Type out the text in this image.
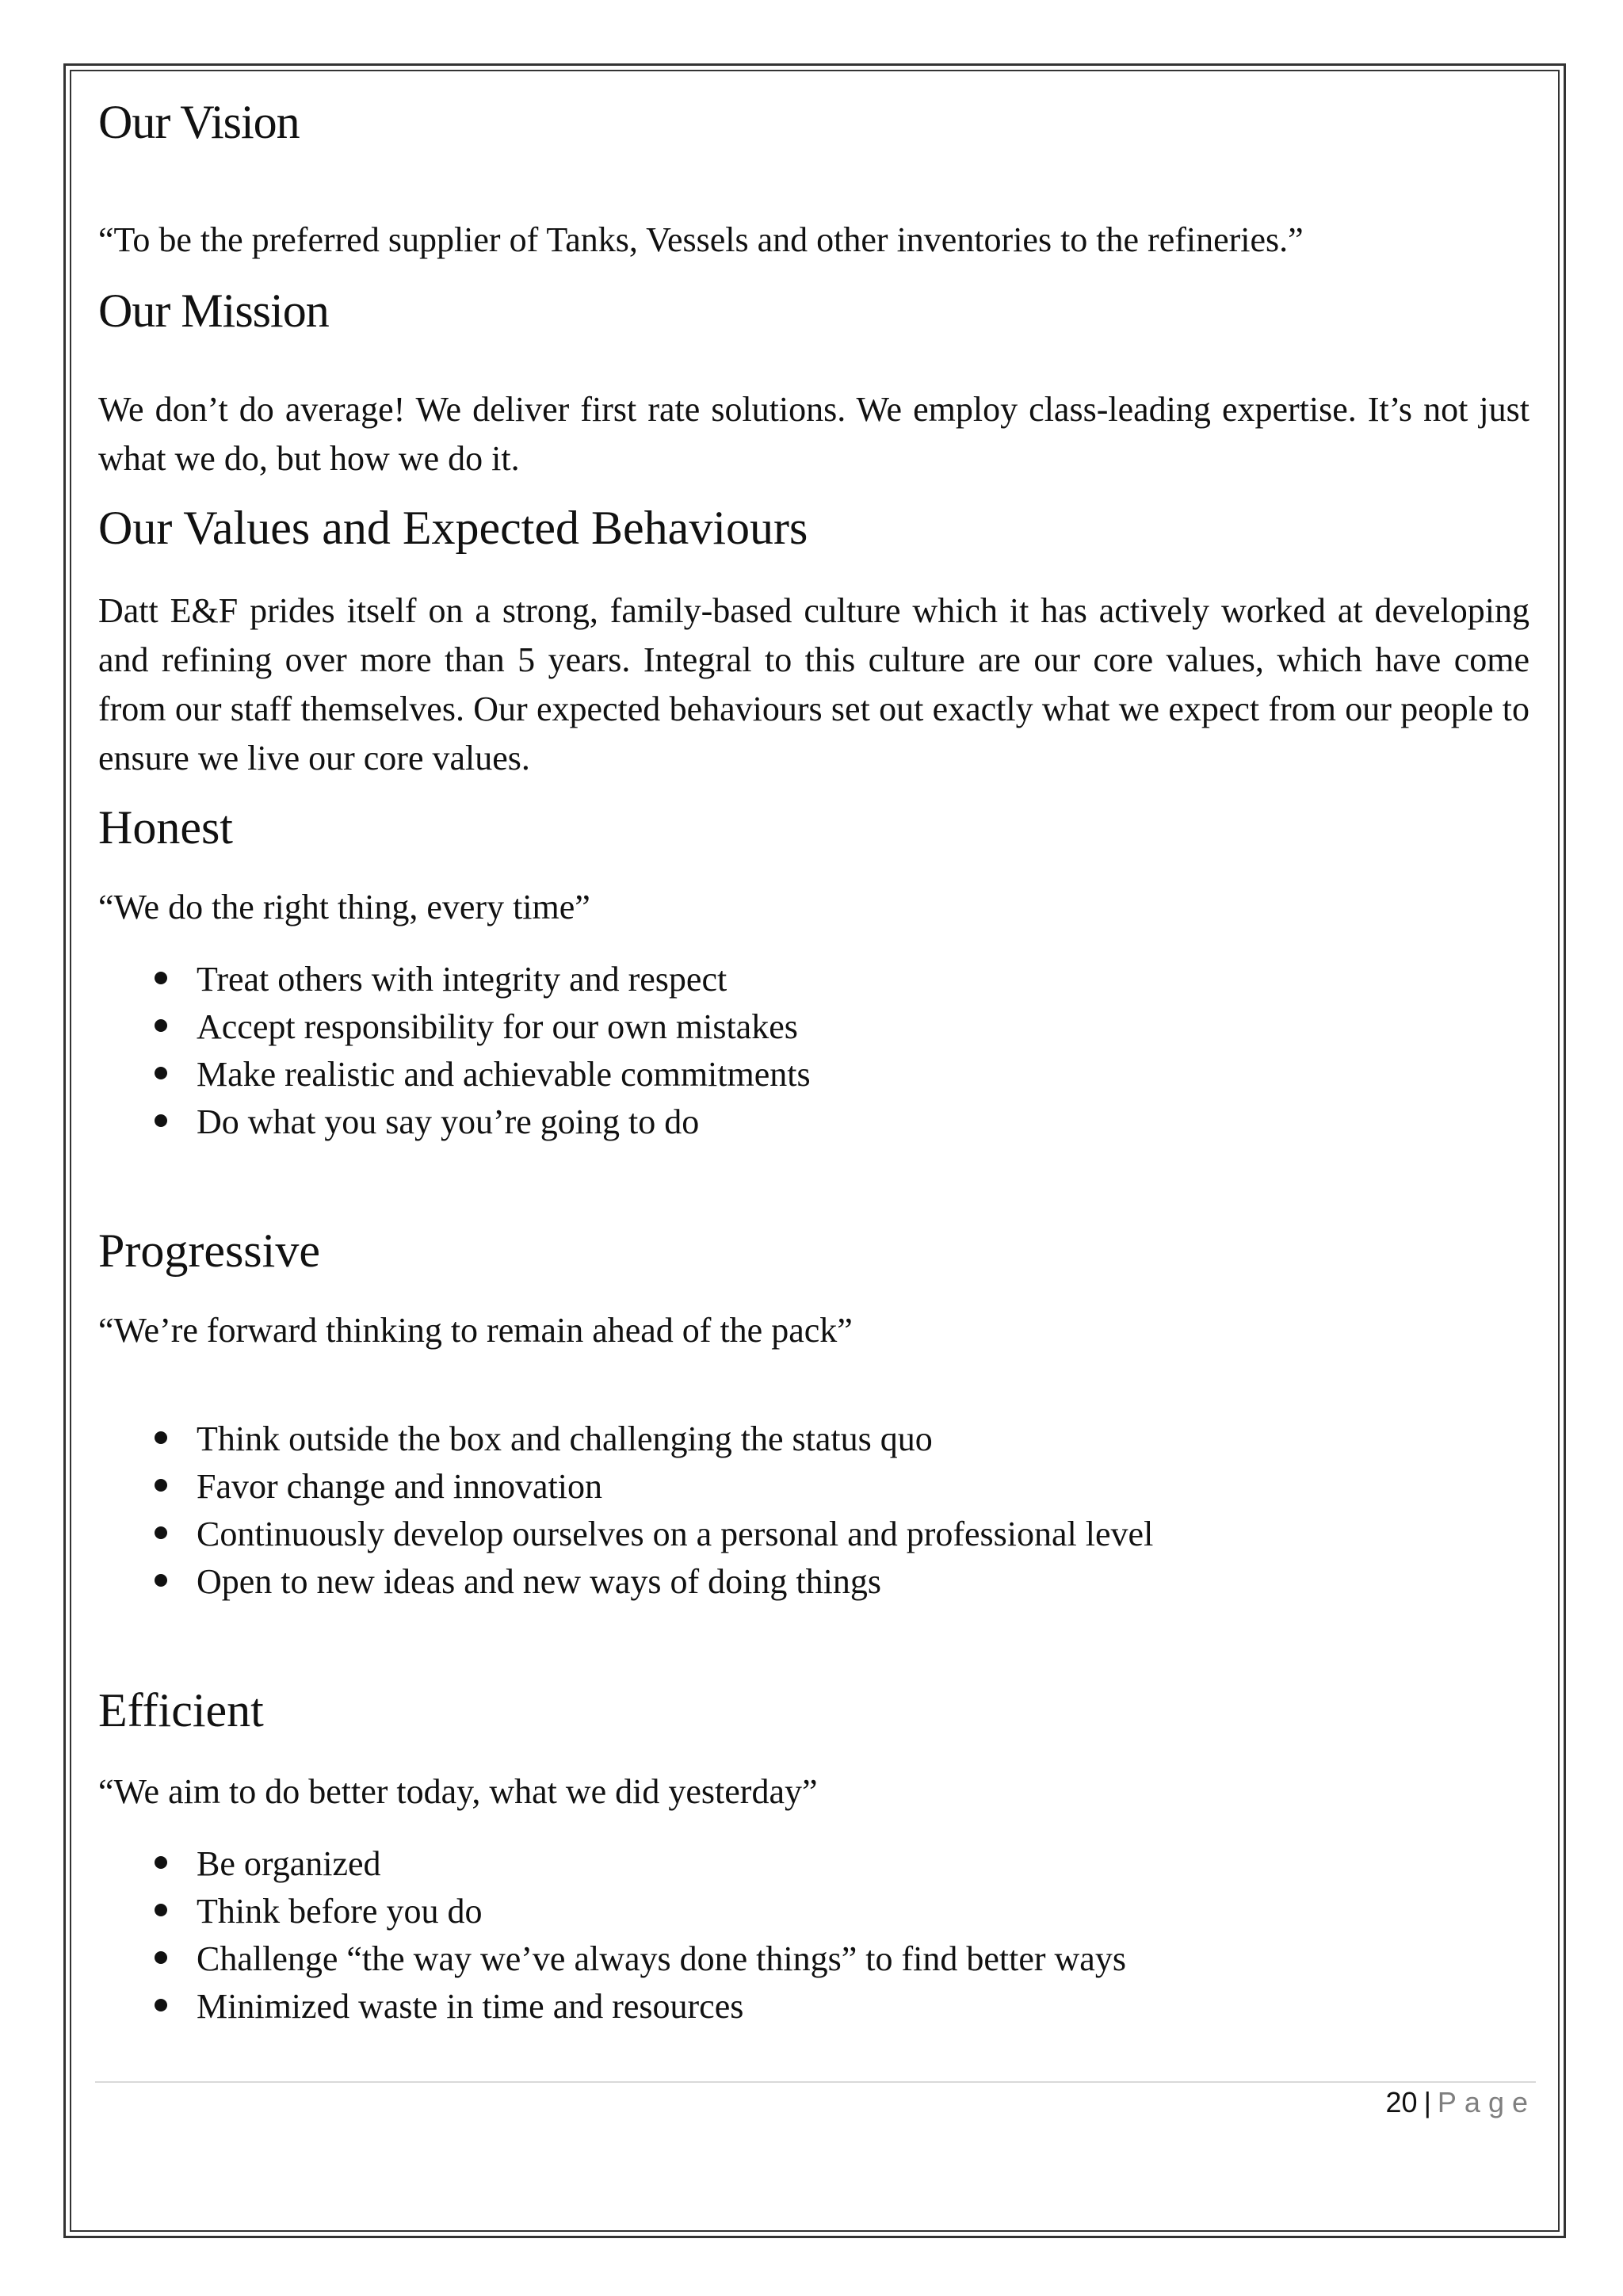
Our Vision

“To be the preferred supplier of Tanks, Vessels and other inventories to the refineries.”

Our Mission

We don’t do average! We deliver first rate solutions. We employ class-leading expertise. It’s not just what we do, but how we do it.

Our Values and Expected Behaviours

Datt E&F prides itself on a strong, family-based culture which it has actively worked at developing and refining over more than 5 years. Integral to this culture are our core values, which have come from our staff themselves. Our expected behaviours set out exactly what we expect from our people to ensure we live our core values.

Honest

“We do the right thing, every time”

Treat others with integrity and respect
Accept responsibility for our own mistakes
Make realistic and achievable commitments
Do what you say you’re going to do
Progressive

“We’re forward thinking to remain ahead of the pack”

Think outside the box and challenging the status quo
Favor change and innovation
Continuously develop ourselves on a personal and professional level
Open to new ideas and new ways of doing things
Efficient

“We aim to do better today, what we did yesterday”

Be organized
Think before you do
Challenge “the way we’ve always done things” to find better ways
Minimized waste in time and resources
20 | Page
